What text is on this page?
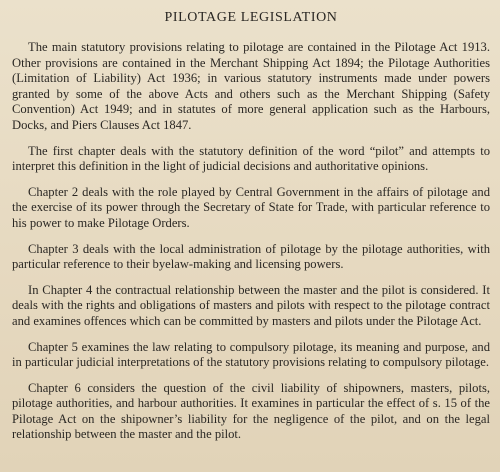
PILOTAGE LEGISLATION

The main statutory provisions relating to pilotage are contained in the Pilotage Act 1913. Other provisions are contained in the Merchant Shipping Act 1894; the Pilotage Authorities (Limitation of Liability) Act 1936; in various statutory instruments made under powers granted by some of the above Acts and others such as the Merchant Shipping (Safety Convention) Act 1949; and in statutes of more general application such as the Harbours, Docks, and Piers Clauses Act 1847.

The first chapter deals with the statutory definition of the word “pilot” and attempts to interpret this definition in the light of judicial decisions and authoritative opinions.

Chapter 2 deals with the role played by Central Government in the affairs of pilotage and the exercise of its power through the Secretary of State for Trade, with particular reference to his power to make Pilotage Orders.

Chapter 3 deals with the local administration of pilotage by the pilotage authorities, with particular reference to their byelaw-making and licensing powers.

In Chapter 4 the contractual relationship between the master and the pilot is considered. It deals with the rights and obligations of masters and pilots with respect to the pilotage contract and examines offences which can be committed by masters and pilots under the Pilotage Act.

Chapter 5 examines the law relating to compulsory pilotage, its meaning and purpose, and in particular judicial interpretations of the statutory provisions relating to compulsory pilotage.

Chapter 6 considers the question of the civil liability of shipowners, masters, pilots, pilotage authorities, and harbour authorities. It examines in particular the effect of s. 15 of the Pilotage Act on the shipowner’s liability for the negligence of the pilot, and on the legal relationship between the master and the pilot.
